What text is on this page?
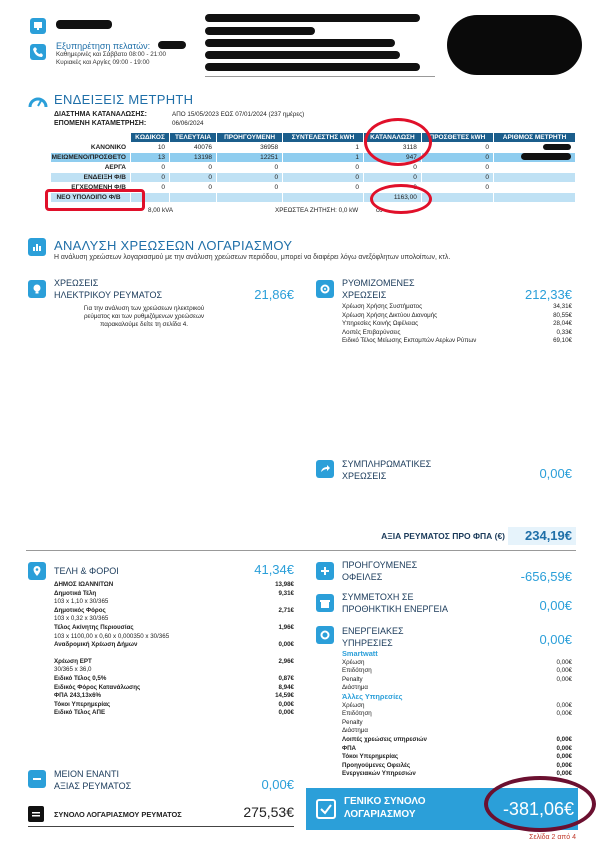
Εξυπηρέτηση πελατών:
Καθημερινές και Σάββατο 08:00 - 21:00
Κυριακές και Αργίες 09:00 - 19:00
ΕΝΔΕΙΞΕΙΣ ΜΕΤΡΗΤΗ
ΔΙΑΣΤΗΜΑ ΚΑΤΑΝΑΛΩΣΗΣ:	ΑΠΟ 15/05/2023 ΕΩΣ 07/01/2024 (237 ημέρες)
ΕΠΟΜΕΝΗ ΚΑΤΑΜΕΤΡΗΣΗ:	06/06/2024
	ΚΩΔΙΚΟΣ	ΤΕΛΕΥΤΑΙΑ	ΠΡΟΗΓΟΥΜΕΝΗ	ΣΥΝΤΕΛΕΣΤΗΣ kWH	ΚΑΤΑΝΑΛΩΣΗ	ΠΡΟΣΘΕΤΕΣ kWH	ΑΡΙΘΜΟΣ ΜΕΤΡΗΤΗ
ΚΑΝΟΝΙΚΟ	10	40076	36958	1	3118	0	
ΜΕΙΩΜΕΝΟ/ΠΡΟΣΘΕΤΟ	13	13198	12251	1	947	0	
ΑΕΡΓΑ	0	0	0	0	0	0	
ΕΝΔΕΙΞΗ Φ/Β	0	0	0	0	0	0	
ΕΓΧΕΟΜΕΝΗ Φ/Β	0	0	0	0	0	0	
ΝΕΟ ΥΠΟΛΟΙΠΟ Φ/Β					1163,00		
8,00 kVA	ΧΡΕΩΣΤΕΑ ΖΗΤΗΣΗ: 0,0 kW	co
ΑΝΑΛΥΣΗ ΧΡΕΩΣΕΩΝ ΛΟΓΑΡΙΑΣΜΟΥ
Η ανάλυση χρεώσεων λογαριασμού με την ανάλυση χρεώσεων περιόδου, μπορεί να διαφέρει λόγω ανεξόφλητων υπολοίπων, κτλ.
ΧΡΕΩΣΕΙΣ
ΗΛΕΚΤΡΙΚΟΥ ΡΕΥΜΑΤΟΣ	21,86€
Για την ανάλυση των χρεώσεων ηλεκτρικού
ρεύματος και των ρυθμιζόμενων χρεώσεων
παρακαλούμε δείτε τη σελίδα 4.
ΡΥΘΜΙΖΟΜΕΝΕΣ
ΧΡΕΩΣΕΙΣ	212,33€
Χρέωση Χρήσης Συστήματος	34,31€
Χρέωση Χρήσης Δικτύου Διανομής	80,55€
Υπηρεσίες Κοινής Ωφέλειας	28,04€
Λοιπές Επιβαρύνσεις	0,33€
Ειδικό Τέλος Μείωσης Εκπομπών Αερίων Ρύπων	69,10€
ΣΥΜΠΛΗΡΩΜΑΤΙΚΕΣ
ΧΡΕΩΣΕΙΣ	0,00€
ΑΞΙΑ ΡΕΥΜΑΤΟΣ ΠΡΟ ΦΠΑ (€)	234,19€
ΤΕΛΗ & ΦΟΡΟΙ	41,34€
ΔΗΜΟΣ ΙΩΑΝΝΙΤΩΝ	13,98€
Δημοτικά Τέλη	9,31€
103 x 1,10 x 30/365
Δημοτικός Φόρος	2,71€
103 x 0,32 x 30/365
Τέλος Ακίνητης Περιουσίας	1,96€
103 x 1100,00 x 0,60 x 0,000350 x 30/365
Αναδρομική Χρέωση Δήμων	0,00€
Χρέωση ΕΡΤ	2,96€
30/365 x 36,0
Ειδικό Τέλος 0,5%	0,87€
Ειδικός Φόρος Κατανάλωσης	8,94€
ΦΠΑ 243,13x6%	14,59€
Τόκοι Υπερημερίας	0,00€
Ειδικό Τέλος ΑΠΕ	0,00€
ΠΡΟΗΓΟΥΜΕΝΕΣ
ΟΦΕΙΛΕΣ	-656,59€
ΣΥΜΜΕΤΟΧΗ ΣΕ
ΠΡΟΘΗΚΤΙΚΗ ΕΝΕΡΓΕΙΑ	0,00€
ΕΝΕΡΓΕΙΑΚΕΣ
ΥΠΗΡΕΣΙΕΣ	0,00€
Smartwatt
Χρέωση	0,00€
Επιδότηση	0,00€
Penalty	0,00€
Διάστημα
Άλλες Υπηρεσίες
Χρέωση	0,00€
Επιδότηση	0,00€
Penalty
Διάστημα
Λοιπές χρεώσεις υπηρεσιών	0,00€
ΦΠΑ	0,00€
Τόκοι Υπερημερίας	0,00€
Προηγούμενες Οφειλές	0,00€
Ενεργειακών Υπηρεσιών	0,00€
ΜΕΙΟΝ ΕΝΑΝΤΙ
ΑΞΙΑΣ ΡΕΥΜΑΤΟΣ	0,00€
ΣΥΝΟΛΟ ΛΟΓΑΡΙΑΣΜΟΥ ΡΕΥΜΑΤΟΣ	275,53€
ΓΕΝΙΚΟ ΣΥΝΟΛΟ
ΛΟΓΑΡΙΑΣΜΟΥ	-381,06€
Σελίδα 2 από 4
